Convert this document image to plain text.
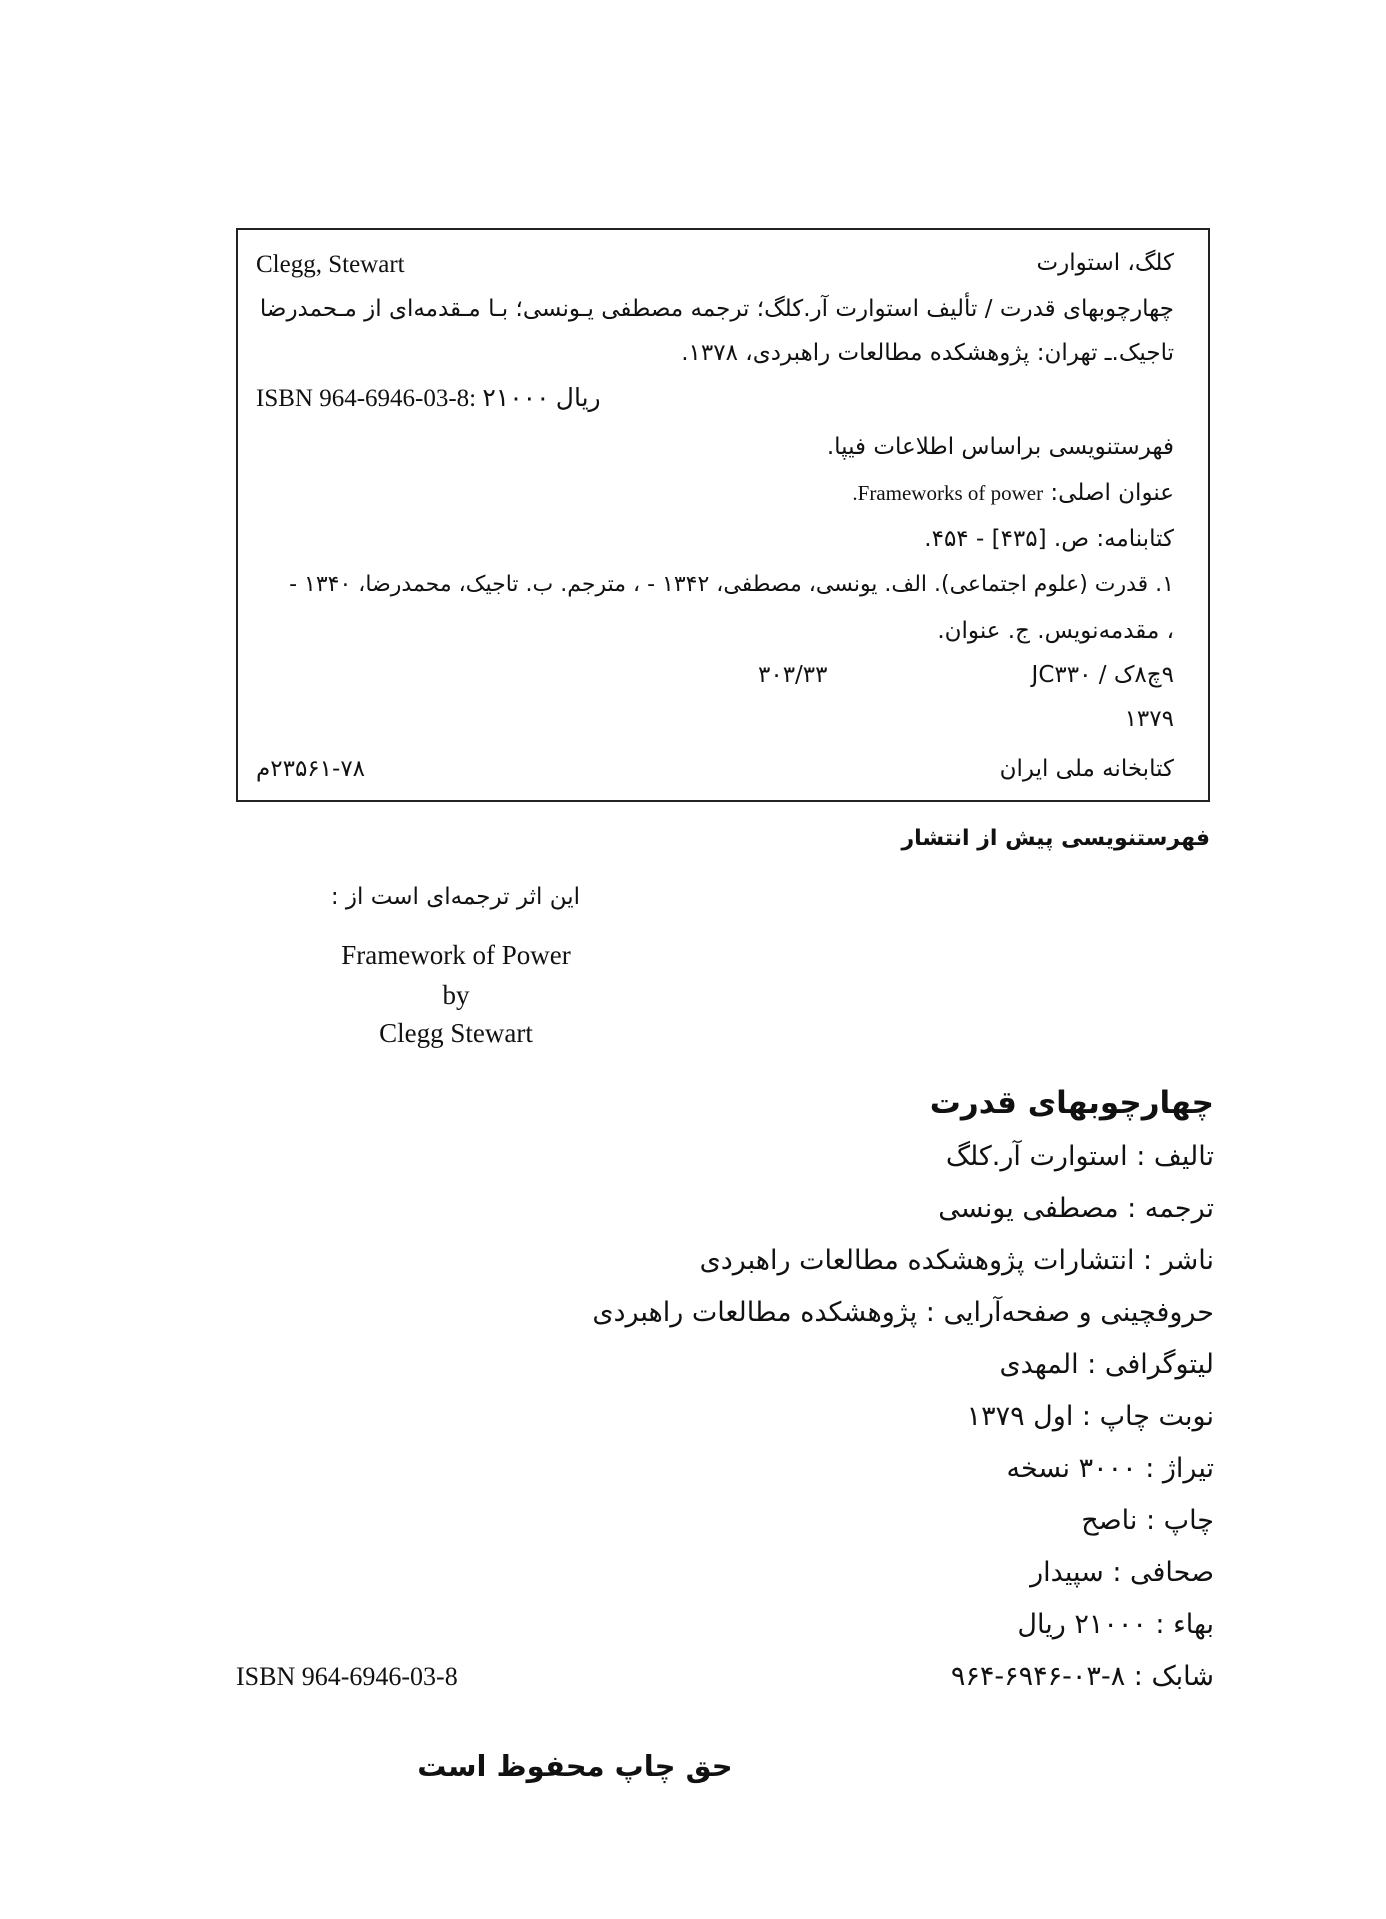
Clegg, Stewart	کلگ، استوارت
چهارچوبهای قدرت / تألیف استوارت آر.کلگ؛ ترجمه مصطفی یـونسی؛ بـا مـقدمه‌ای از مـحمدرضا
تاجیک.ـ تهران: پژوهشکده مطالعات راهبردی، ۱۳۷۸.
ISBN 964-6946-03-8: ۲۱۰۰۰ ریال
فهرستنویسی براساس اطلاعات فیپا.
عنوان اصلی: Frameworks of power.
کتابنامه: ص. [۴۳۵] - ۴۵۴.
۱. قدرت (علوم اجتماعی). الف. یونسی، مصطفی، ۱۳۴۲ - ، مترجم. ب. تاجیک، محمدرضا، ۱۳۴۰ -
، مقدمه‌نویس. ج. عنوان.
۹چ۸ک / JC۳۳۰
۳۰۳/۳۳
۱۳۷۹
کتابخانه ملی ایران
۲۳۵۶۱-۷۸م
فهرستنویسی پیش از انتشار
این اثر ترجمه‌ای است از :
Framework of Power
by
Clegg Stewart
چهارچوبهای قدرت
تالیف : استوارت آر.کلگ
ترجمه : مصطفی یونسی
ناشر : انتشارات پژوهشکده مطالعات راهبردی
حروفچینی و صفحه‌آرایی : پژوهشکده مطالعات راهبردی
لیتوگرافی : المهدی
نوبت چاپ : اول ۱۳۷۹
تیراژ : ۳۰۰۰ نسخه
چاپ : ناصح
صحافی : سپیدار
بهاء : ۲۱۰۰۰ ریال
شابک : ۸-۰۳-۶۹۴۶-۹۶۴
ISBN 964-6946-03-8
حق چاپ محفوظ است
